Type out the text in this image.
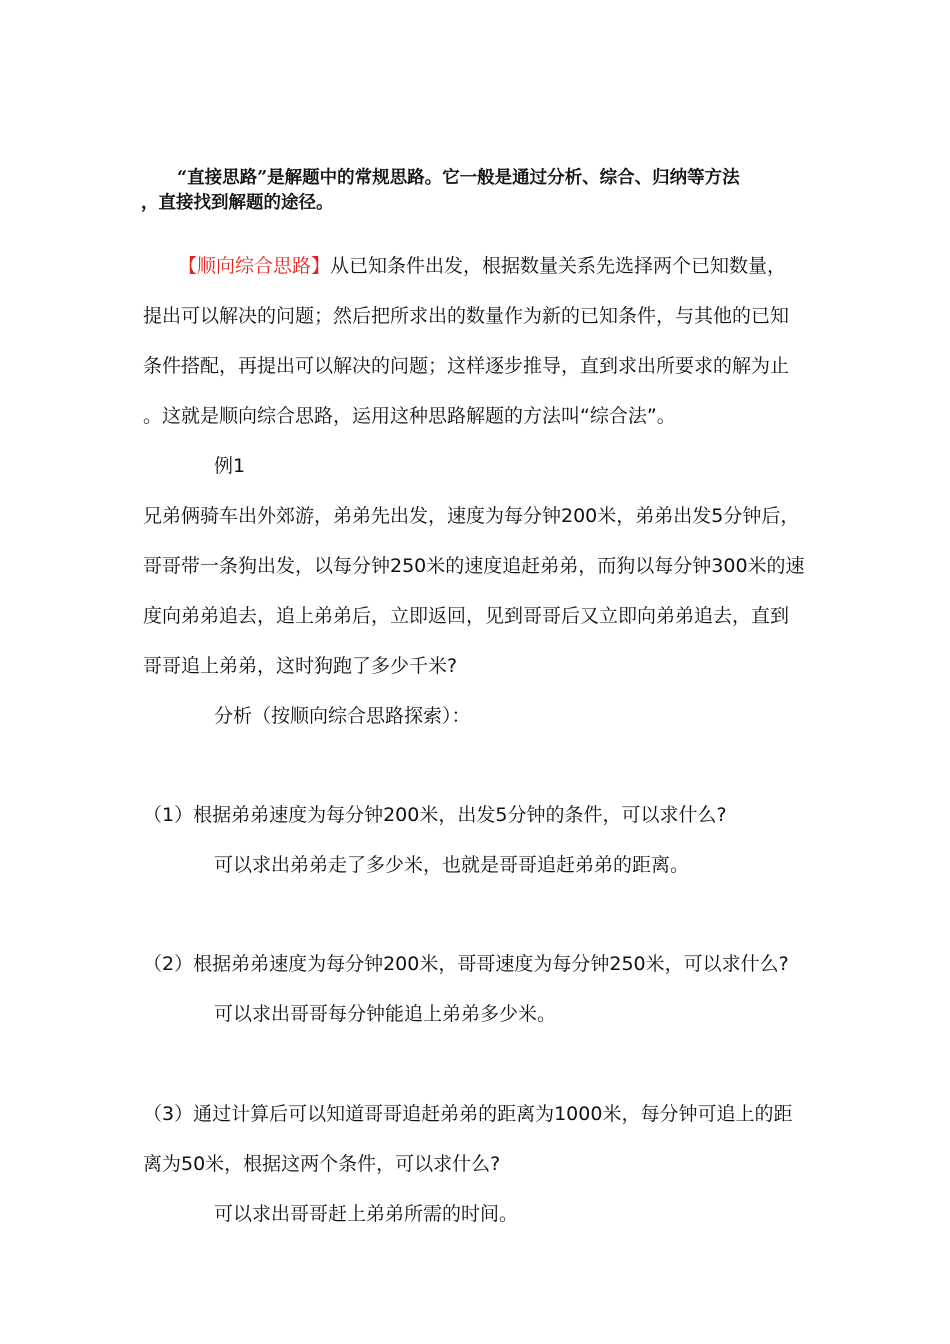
“直接思路”是解题中的常规思路。它一般是通过分析、综合、归纳等方法

，直接找到解题的途径。

【顺向综合思路】从已知条件出发，根据数量关系先选择两个已知数量，

提出可以解决的问题；然后把所求出的数量作为新的已知条件，与其他的已知

条件搭配，再提出可以解决的问题；这样逐步推导，直到求出所要求的解为止

。这就是顺向综合思路，运用这种思路解题的方法叫“综合法”。

例1

兄弟俩骑车出外郊游，弟弟先出发，速度为每分钟200米，弟弟出发5分钟后，

哥哥带一条狗出发，以每分钟250米的速度追赶弟弟，而狗以每分钟300米的速

度向弟弟追去，追上弟弟后，立即返回，见到哥哥后又立即向弟弟追去，直到

哥哥追上弟弟，这时狗跑了多少千米?

分析（按顺向综合思路探索）：

（1）根据弟弟速度为每分钟200米，出发5分钟的条件，可以求什么?

可以求出弟弟走了多少米，也就是哥哥追赶弟弟的距离。

（2）根据弟弟速度为每分钟200米，哥哥速度为每分钟250米，可以求什么?

可以求出哥哥每分钟能追上弟弟多少米。

（3）通过计算后可以知道哥哥追赶弟弟的距离为1000米，每分钟可追上的距

离为50米，根据这两个条件，可以求什么?

可以求出哥哥赶上弟弟所需的时间。
